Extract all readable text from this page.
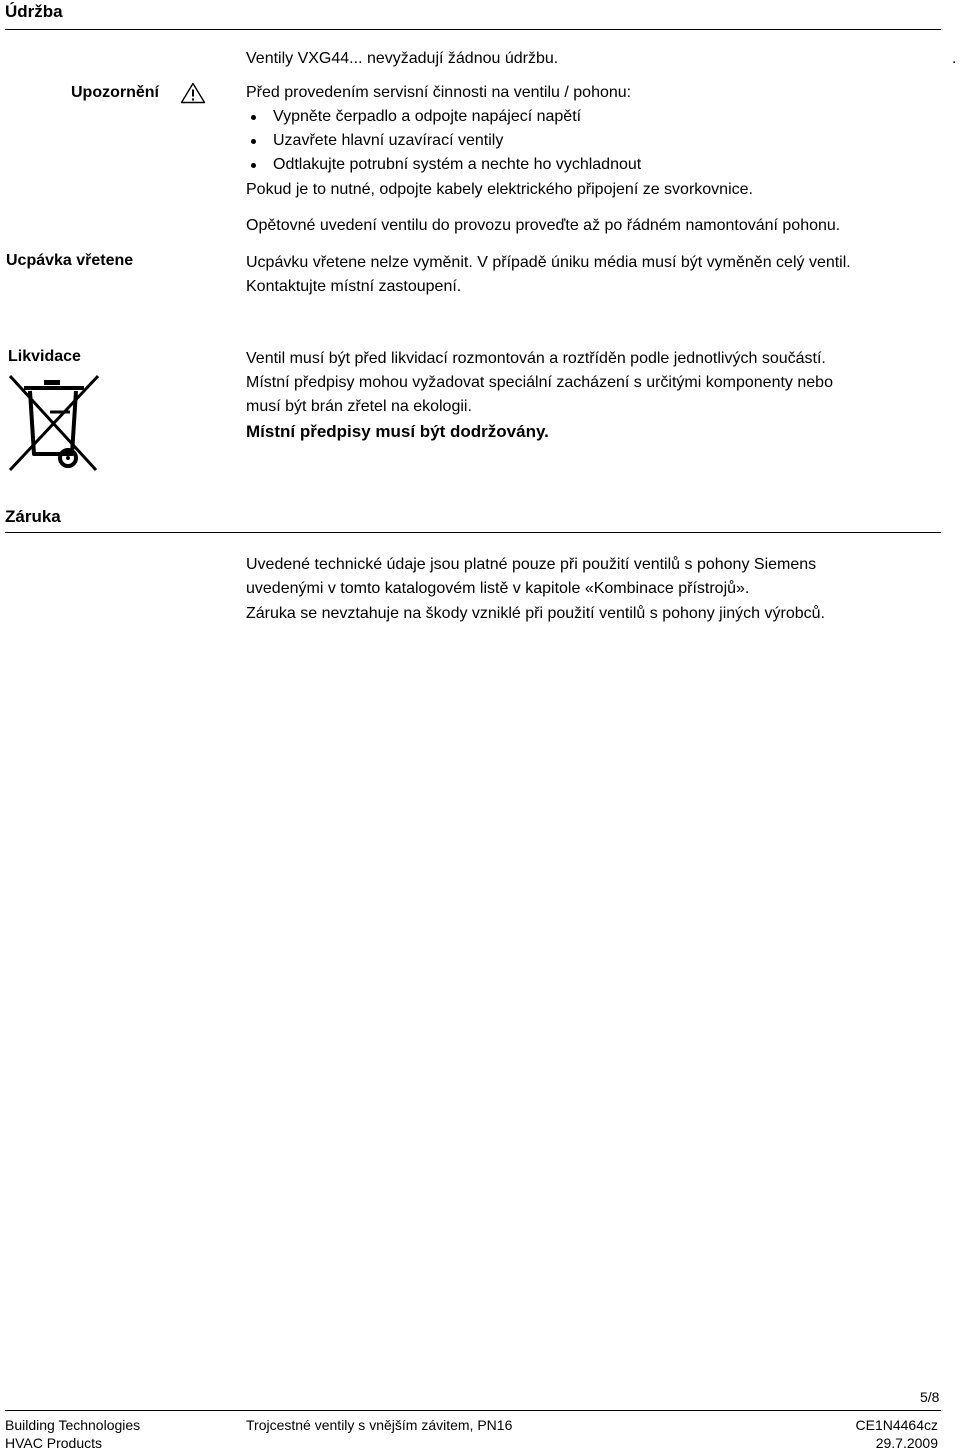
Údržba
Ventily VXG44... nevyžadují žádnou údržbu.	.
Upozornění	Před provedením servisní činnosti na ventilu / pohonu:
Vypněte čerpadlo a odpojte napájecí napětí
Uzavřete hlavní uzavírací ventily
Odtlakujte potrubní systém a nechte ho vychladnout
Pokud je to nutné, odpojte kabely elektrického připojení ze svorkovnice.
Opětovné uvedení ventilu do provozu proveďte až po řádném namontování pohonu.
Ucpávka vřetene	Ucpávku vřetene nelze vyměnit. V případě úniku média musí být vyměněn celý ventil.
Kontaktujte místní zastoupení.
Likvidace	Ventil musí být před likvidací rozmontován a roztříděn podle jednotlivých součástí.
Místní předpisy mohou vyžadovat speciální zacházení s určitými komponenty nebo
musí být brán zřetel na ekologii.
Místní předpisy musí být dodržovány.
Záruka
Uvedené technické údaje jsou platné pouze při použití ventilů s pohony Siemens
uvedenými v tomto katalogovém listě v kapitole «Kombinace přístrojů».
Záruka se nevztahuje na škody vzniklé při použití ventilů s pohony jiných výrobců.
5/8
Building Technologies
HVAC Products
Trojcestné ventily s vnějším závitem, PN16	CE1N4464cz
29.7.2009
